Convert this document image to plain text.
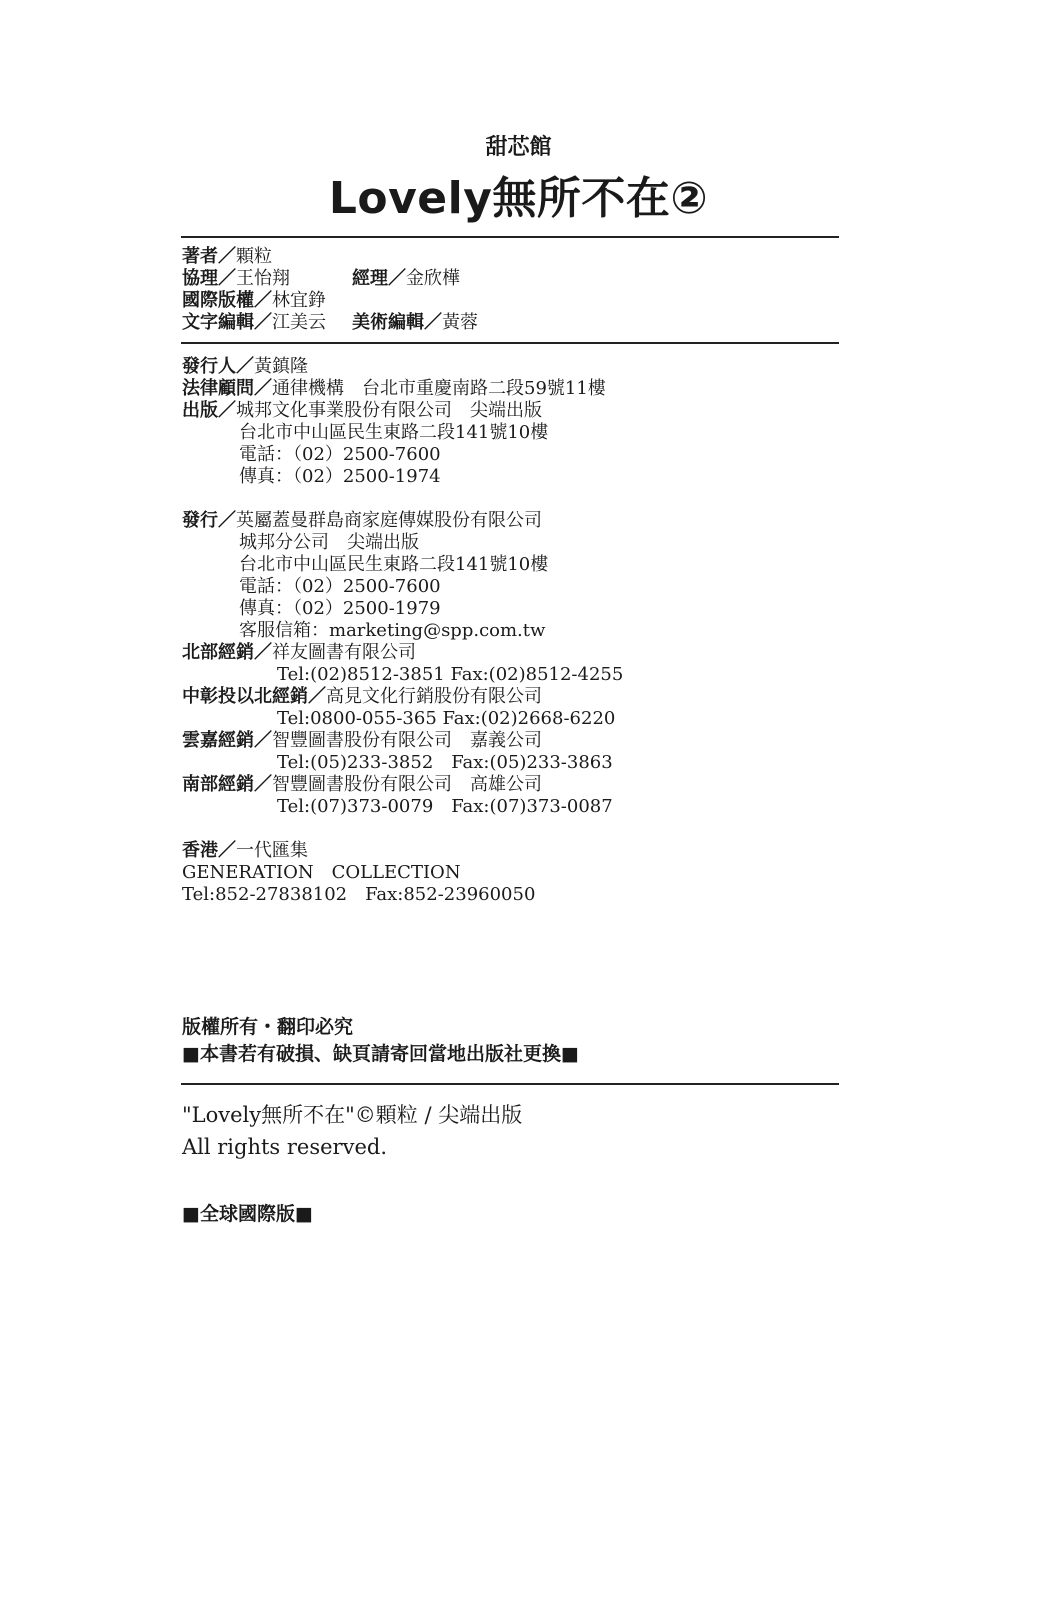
甜芯館
Lovely無所不在②
著者／顆粒
協理／王怡翔	經理／金欣樺
國際版權／林宜錚
文字編輯／江美云 美術編輯／黃蓉
發行人／黃鎮隆
法律顧問／通律機構　台北市重慶南路二段59號11樓
出版／城邦文化事業股份有限公司　尖端出版
台北市中山區民生東路二段141號10樓
電話：（02）2500-7600
傳真：（02）2500-1974
發行／英屬蓋曼群島商家庭傳媒股份有限公司
城邦分公司　尖端出版
台北市中山區民生東路二段141號10樓
電話：（02）2500-7600
傳真：（02）2500-1979
客服信箱：marketing@spp.com.tw
北部經銷／祥友圖書有限公司
Tel:(02)8512-3851 Fax:(02)8512-4255
中彰投以北經銷／高見文化行銷股份有限公司
Tel:0800-055-365 Fax:(02)2668-6220
雲嘉經銷／智豐圖書股份有限公司　嘉義公司
Tel:(05)233-3852　Fax:(05)233-3863
南部經銷／智豐圖書股份有限公司　高雄公司
Tel:(07)373-0079　Fax:(07)373-0087
香港／一代匯集
GENERATION　COLLECTION
Tel:852-27838102　Fax:852-23960050
版權所有・翻印必究
■本書若有破損、缺頁請寄回當地出版社更換■
"Lovely無所不在"©顆粒 / 尖端出版
All rights reserved.
■全球國際版■
